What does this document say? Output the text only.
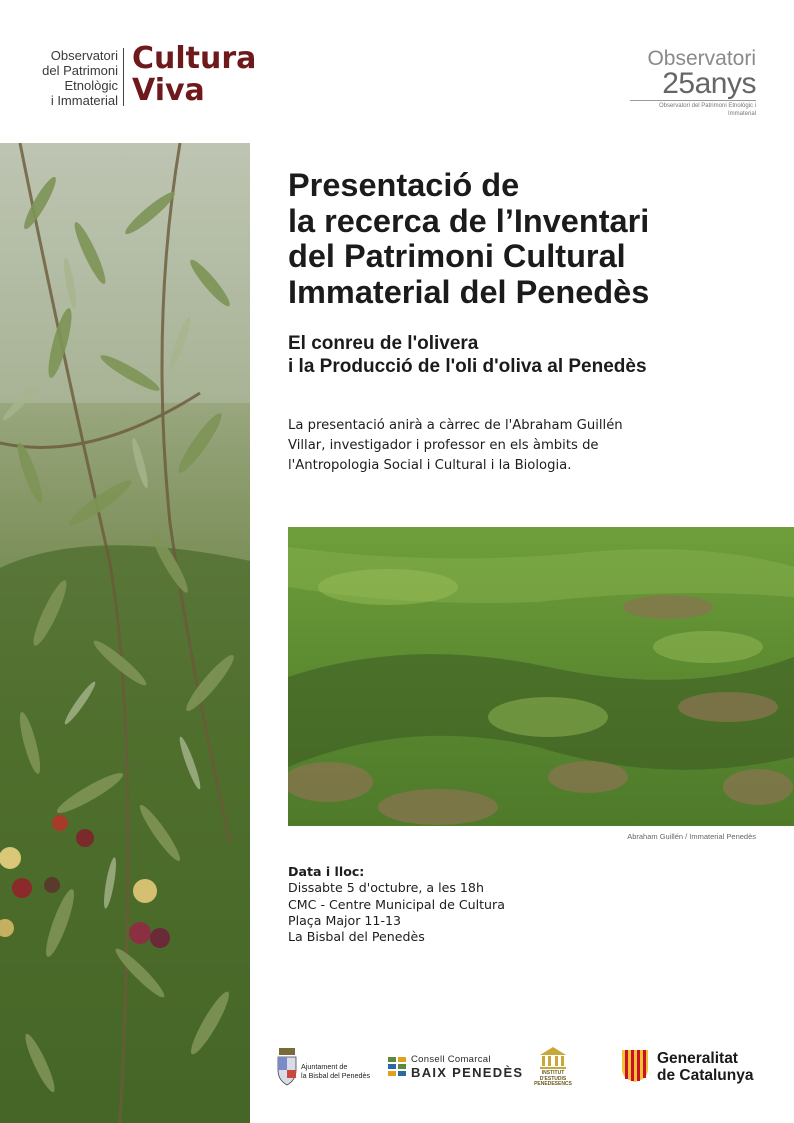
Observatori
del Patrimoni
Etnològic
i Immaterial
Cultura
Viva
Observatori
25anys
Observatori del Patrimoni Etnològic i Immaterial
Presentació de
la recerca de l’Inventari
del Patrimoni Cultural
Immaterial del Penedès
El conreu de l'olivera
i la Producció de l'oli d'oliva al Penedès
La presentació anirà a càrrec de l'Abraham Guillén
Villar, investigador i professor en els àmbits de
l'Antropologia Social i Cultural i la Biologia.
Abraham Guillén / Immaterial Penedès
Data i lloc:
Dissabte 5 d'octubre, a les 18h
CMC - Centre Municipal de Cultura
Plaça Major 11-13
La Bisbal del Penedès
Ajuntament de
la Bisbal del Penedès
Consell Comarcal
BAIX PENEDÈS	INSTITUT
D'ESTUDIS
PENEDESENCS
Generalitat
de Catalunya
